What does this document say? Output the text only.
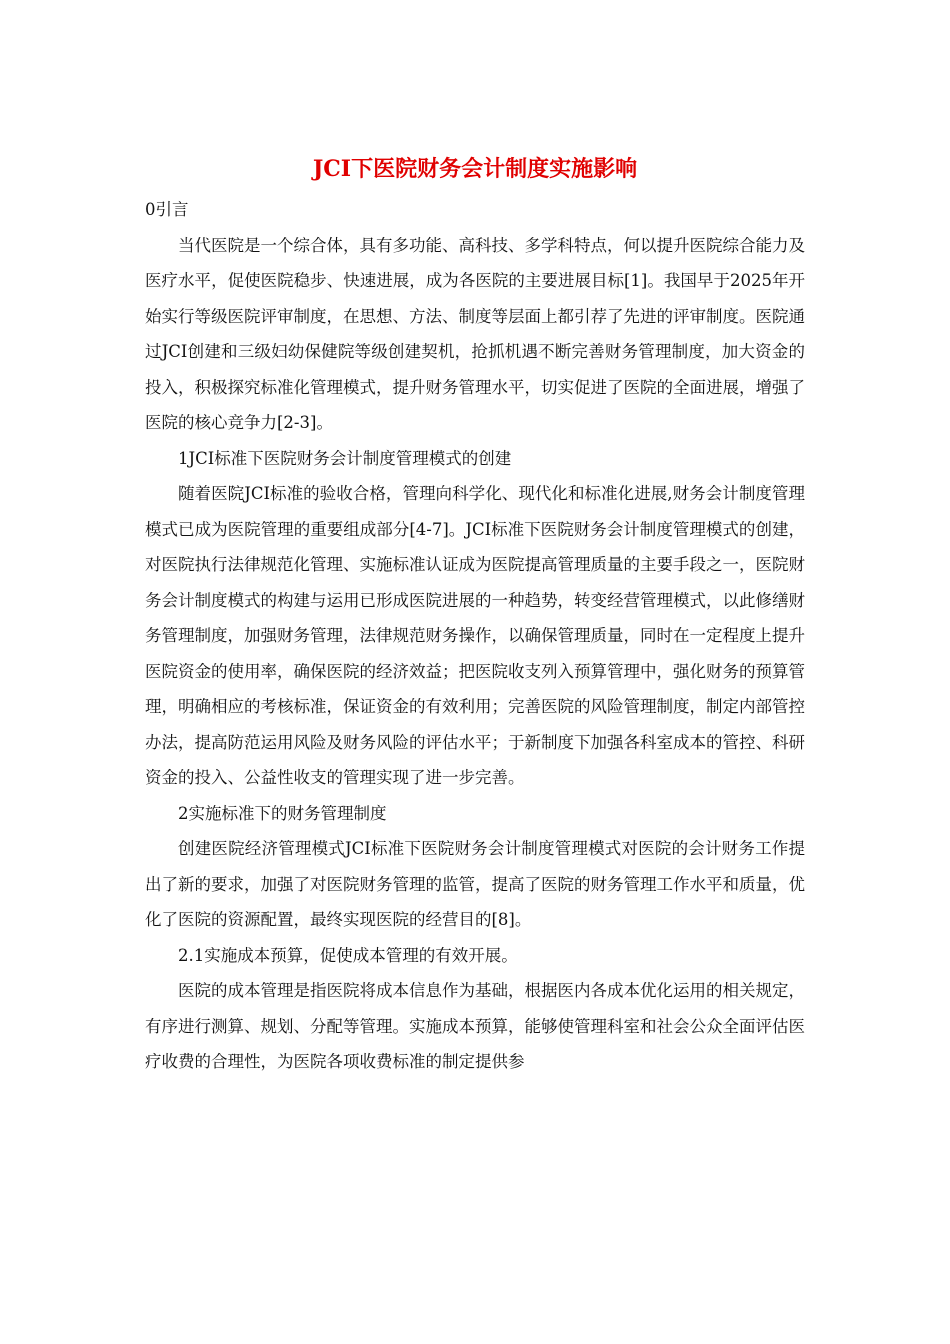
JCI下医院财务会计制度实施影响

0引言

当代医院是一个综合体，具有多功能、高科技、多学科特点，何以提升医院综合能力及医疗水平，促使医院稳步、快速进展，成为各医院的主要进展目标[1]。我国早于2025年开始实行等级医院评审制度，在思想、方法、制度等层面上都引荐了先进的评审制度。医院通过JCI创建和三级妇幼保健院等级创建契机，抢抓机遇不断完善财务管理制度，加大资金的投入，积极探究标准化管理模式，提升财务管理水平，切实促进了医院的全面进展，增强了医院的核心竞争力[2-3]。

1JCI标准下医院财务会计制度管理模式的创建

随着医院JCI标准的验收合格，管理向科学化、现代化和标准化进展,财务会计制度管理模式已成为医院管理的重要组成部分[4-7]。JCI标准下医院财务会计制度管理模式的创建，对医院执行法律规范化管理、实施标准认证成为医院提高管理质量的主要手段之一，医院财务会计制度模式的构建与运用已形成医院进展的一种趋势，转变经营管理模式，以此修缮财务管理制度，加强财务管理，法律规范财务操作，以确保管理质量，同时在一定程度上提升医院资金的使用率，确保医院的经济效益；把医院收支列入预算管理中，强化财务的预算管理，明确相应的考核标准，保证资金的有效利用；完善医院的风险管理制度，制定内部管控办法，提高防范运用风险及财务风险的评估水平；于新制度下加强各科室成本的管控、科研资金的投入、公益性收支的管理实现了进一步完善。

2实施标准下的财务管理制度

创建医院经济管理模式JCI标准下医院财务会计制度管理模式对医院的会计财务工作提出了新的要求，加强了对医院财务管理的监管，提高了医院的财务管理工作水平和质量，优化了医院的资源配置，最终实现医院的经营目的[8]。

2.1实施成本预算，促使成本管理的有效开展。

医院的成本管理是指医院将成本信息作为基础，根据医内各成本优化运用的相关规定，有序进行测算、规划、分配等管理。实施成本预算，能够使管理科室和社会公众全面评估医疗收费的合理性，为医院各项收费标准的制定提供参
